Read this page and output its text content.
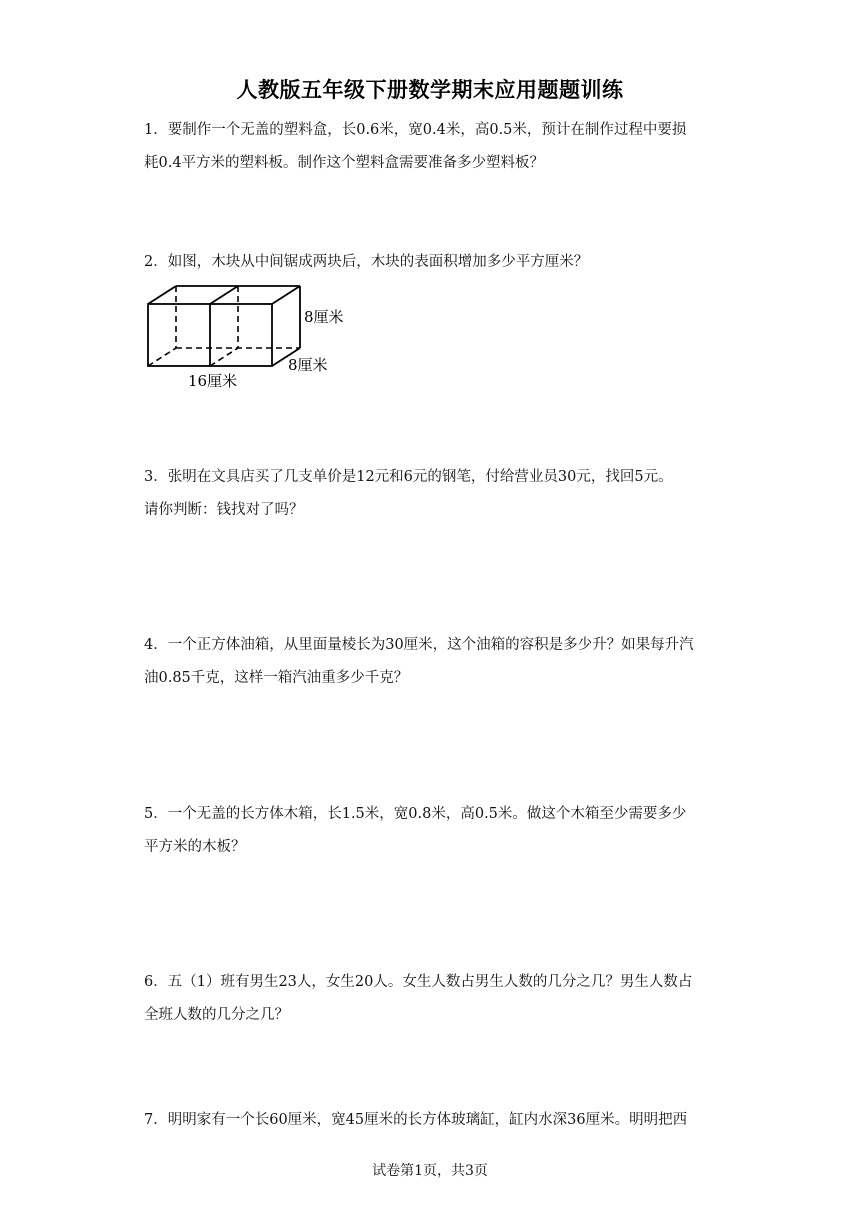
人教版五年级下册数学期末应用题题训练

1．要制作一个无盖的塑料盒，长0.6米，宽0.4米，高0.5米，预计在制作过程中要损
耗0.4平方米的塑料板。制作这个塑料盒需要准备多少塑料板？

2．如图，木块从中间锯成两块后，木块的表面积增加多少平方厘米？

8厘米
8厘米
16厘米

3．张明在文具店买了几支单价是12元和6元的钢笔，付给营业员30元，找回5元。
请你判断：钱找对了吗？

4．一个正方体油箱，从里面量棱长为30厘米，这个油箱的容积是多少升？如果每升汽
油0.85千克，这样一箱汽油重多少千克？

5．一个无盖的长方体木箱，长1.5米，宽0.8米，高0.5米。做这个木箱至少需要多少
平方米的木板？

6．五（1）班有男生23人，女生20人。女生人数占男生人数的几分之几？男生人数占
全班人数的几分之几？

7．明明家有一个长60厘米，宽45厘米的长方体玻璃缸，缸内水深36厘米。明明把西

试卷第1页，共3页
